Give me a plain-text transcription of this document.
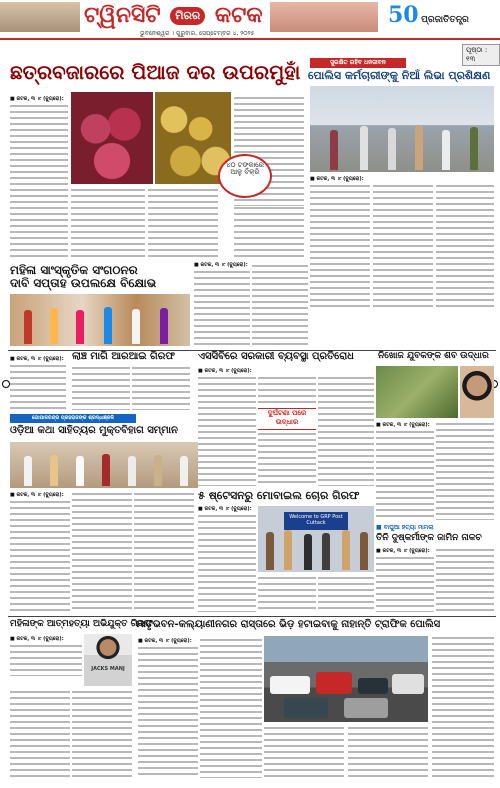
ଟ୍ୱିନସିଟି ମିରର କଟକ
ଭୁବନେଶ୍ୱର । ଗୁରୁବାର, ସେପ୍ଟେମ୍ବର ୪, ୨୦୨୫
50 ପ୍ରଜାତିତନ୍ତ୍ର
ପୃଷ୍ଠା : ୧୩
ଛତ୍ରବଜାରରେ ପିଆଜ ଦର ଉପରମୁହାଁ
■ କଟକ, ୩ ।୯ (ବ୍ୟୁରୋ):
୪୦ ଟଙ୍କାରେ ଆଳୁ ବିକ୍ରି
ସୁରକ୍ଷିତ ରହିବ ଧନଜୀବନ
ପୋଲିସ କର୍ମଚାରୀଙ୍କୁ ନିଆଁ ଲିଭା ପ୍ରଶିକ୍ଷଣ
■ କଟକ, ୩ ।୯ (ବ୍ୟୁରୋ):
ମହିଳା ସାଂସ୍କୃତିକ ସଂଗଠନର
ଦାବି ସପ୍ତାହ ଉପଲକ୍ଷେ ବିକ୍ଷୋଭ
■ କଟକ, ୩ ।୯ (ବ୍ୟୁରୋ):
■ କଟକ, ୩ ।୯ (ବ୍ୟୁରୋ): ଲାଞ୍ଚ ମାଗି ଆରଆଇ ଗିରଫ	ଏସସିବିରେ ସରକାରୀ ବ୍ୟବସ୍ଥା ପ୍ରତିରୋଧ
■ କଟକ, ୩ ।୯ (ବ୍ୟୁରୋ):
ଦୁର୍ଘଟଣା ପରେ ଉଦ୍ଧାର
ନିଖୋଜ ଯୁବକଙ୍କ ଶବ ଉଦ୍ଧାର
■ କଟକ, ୩ ।୯ (ବ୍ୟୁରୋ):
ଗୋପାଳଚନ୍ଦ୍ର ପ୍ରହରାଜଙ୍କ ଶ୍ରଦ୍ଧାଞ୍ଜଳି
ଓଡ଼ିଆ କଥା ସାହିତ୍ୟର ମୁକ୍ତବିହାଗ ସମ୍ମାନ
■ କଟକ, ୩ ।୯ (ବ୍ୟୁରୋ):	୫ ଷ୍ଟେସନରୁ ମୋବାଇଲ ଚୋର ଗିରଫ
■ କଟକ, ୩ ।୯ (ବ୍ୟୁରୋ):
Welcome to GRP Post Cuttack
■ ବାଘୁଆ ହତ୍ୟା ମାମଲା
ତିନି ଦୁଷ୍କର୍ମୀଙ୍କ ଜାମିନ ନାକଚ
■ କଟକ, ୩ ।୯ (ବ୍ୟୁରୋ):
ମହିଳାଙ୍କ ଆତ୍ମହତ୍ୟା ଅଭିଯୁକ୍ତ ଗିରଫ
■ କଟକ, ୩ ।୯ (ବ୍ୟୁରୋ):
JACKS MANJ
ମାତୃଭବନ-କଲ୍ୟାଣୀନଗର ରାସ୍ତାରେ ଭିଡ଼ ହଟାଇବାକୁ ନାହାନ୍ତି ଟ୍ରାଫିକ ପୋଲିସ
■ କଟକ, ୩ ।୯ (ବ୍ୟୁରୋ):
